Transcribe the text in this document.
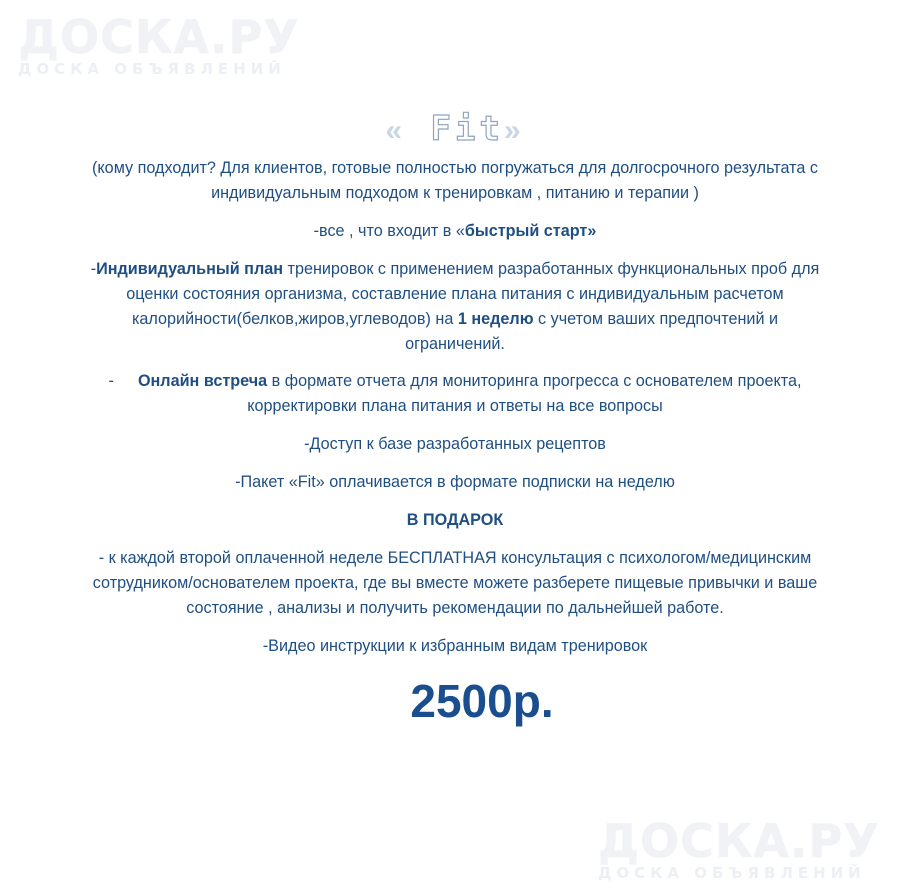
ДОСКА.РУ
ДОСКА ОБЪЯВЛЕНИЙ
« Fit»

(кому подходит? Для клиентов, готовые полностью погружаться для долгосрочного результата с индивидуальным подходом к тренировкам , питанию и терапии )

-все , что входит в «быстрый старт»

-Индивидуальный план тренировок с применением разработанных функциональных проб для оценки состояния организма, составление плана питания с индивидуальным расчетом калорийности(белков,жиров,углеводов) на 1 неделю с учетом ваших предпочтений и ограничений.

- Онлайн встреча в формате отчета для мониторинга прогресса с основателем проекта, корректировки плана питания и ответы на все вопросы

-Доступ к базе разработанных рецептов

-Пакет «Fit» оплачивается в формате подписки на неделю

В ПОДАРОК

- к каждой второй оплаченной неделе БЕСПЛАТНАЯ консультация с психологом/медицинским сотрудником/основателем проекта, где вы вместе можете разберете пищевые привычки и ваше состояние , анализы и получить рекомендации по дальнейшей работе.

-Видео инструкции к избранным видам тренировок

2500р.
ДОСКА.РУ
ДОСКА ОБЪЯВЛЕНИЙ
